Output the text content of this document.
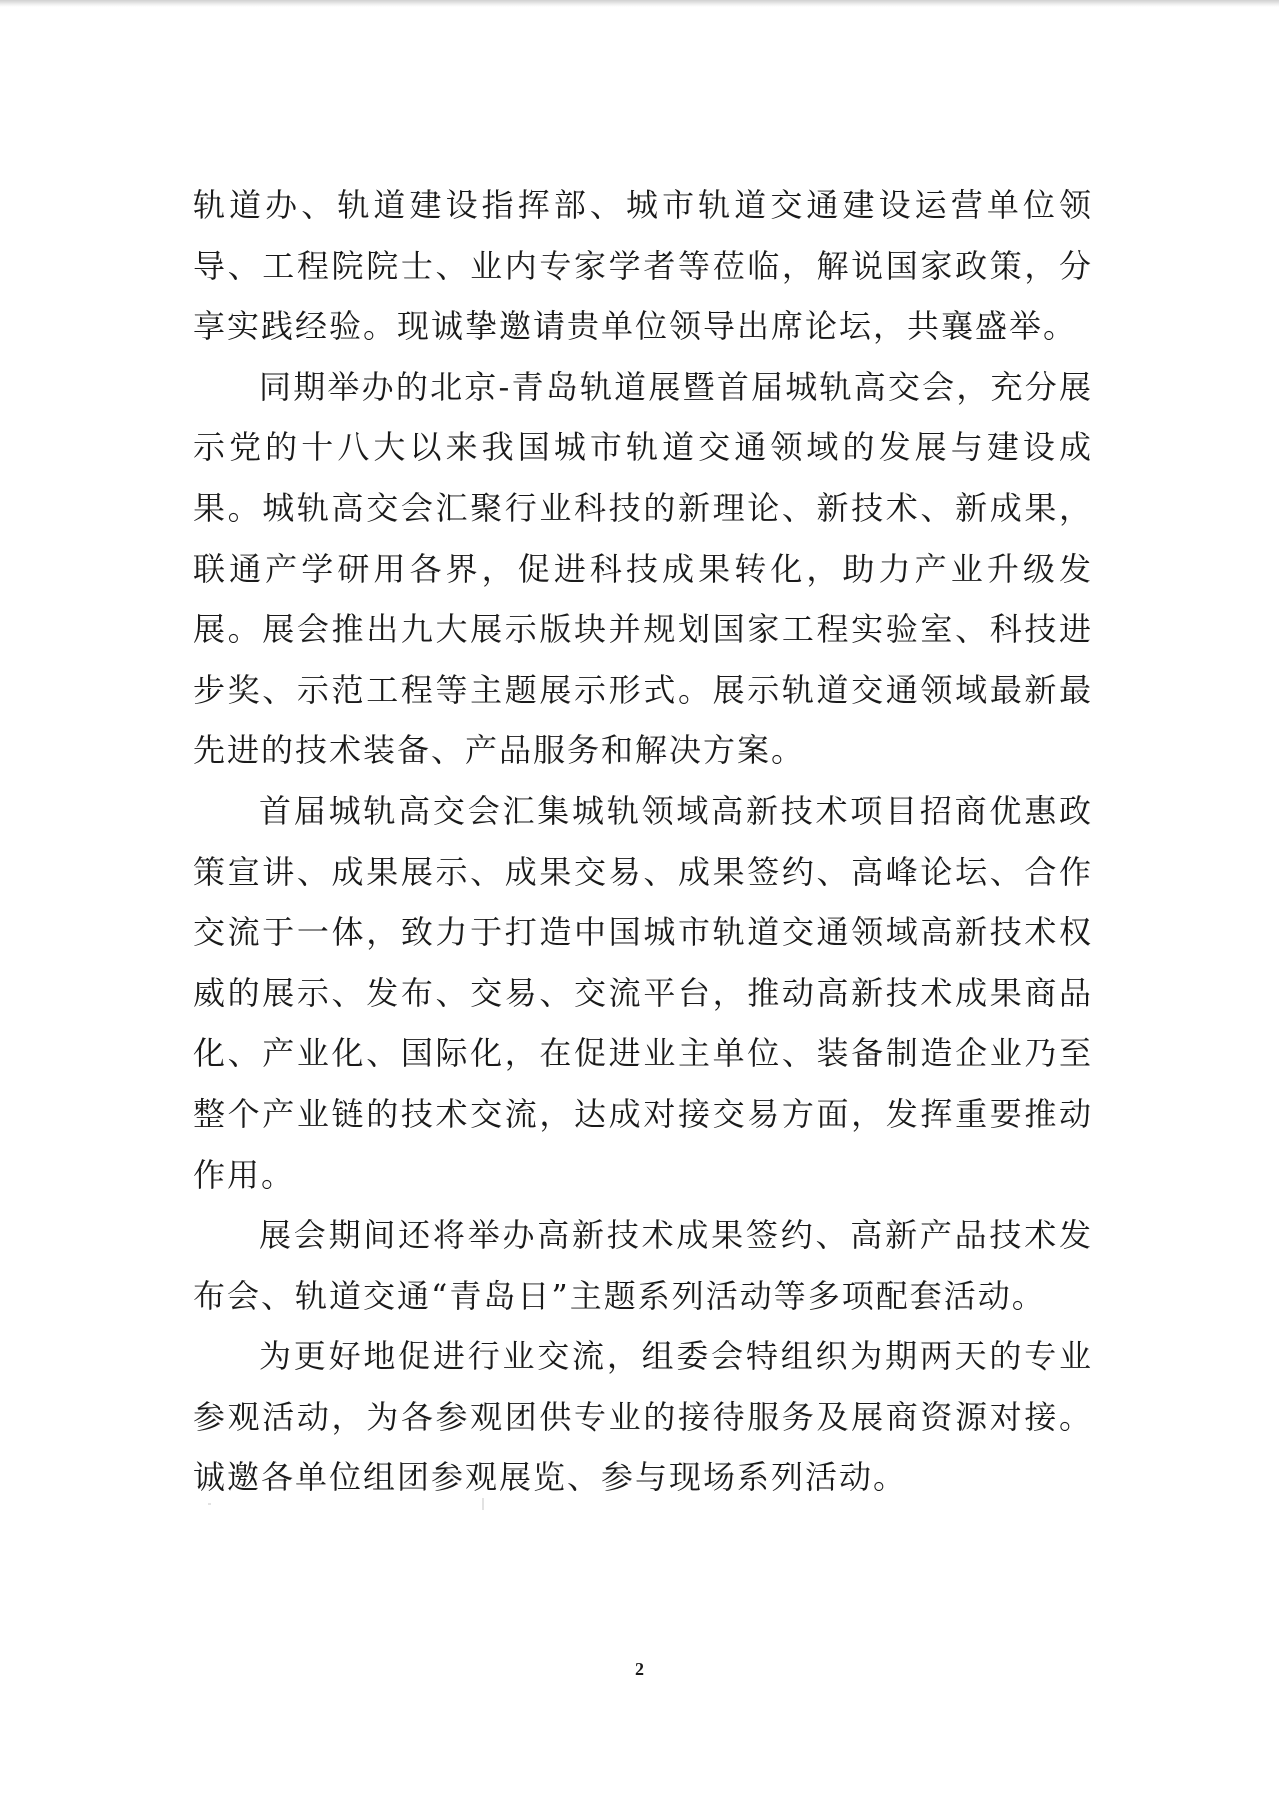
轨道办、轨道建设指挥部、城市轨道交通建设运营单位领导、工程院院士、业内专家学者等莅临，解说国家政策，分享实践经验。现诚挚邀请贵单位领导出席论坛，共襄盛举。

同期举办的北京-青岛轨道展暨首届城轨高交会，充分展示党的十八大以来我国城市轨道交通领域的发展与建设成果。城轨高交会汇聚行业科技的新理论、新技术、新成果，联通产学研用各界，促进科技成果转化，助力产业升级发展。展会推出九大展示版块并规划国家工程实验室、科技进步奖、示范工程等主题展示形式。展示轨道交通领域最新最先进的技术装备、产品服务和解决方案。

首届城轨高交会汇集城轨领域高新技术项目招商优惠政策宣讲、成果展示、成果交易、成果签约、高峰论坛、合作交流于一体，致力于打造中国城市轨道交通领域高新技术权威的展示、发布、交易、交流平台，推动高新技术成果商品化、产业化、国际化，在促进业主单位、装备制造企业乃至整个产业链的技术交流，达成对接交易方面，发挥重要推动作用。

展会期间还将举办高新技术成果签约、高新产品技术发布会、轨道交通“青岛日”主题系列活动等多项配套活动。

为更好地促进行业交流，组委会特组织为期两天的专业参观活动，为各参观团供专业的接待服务及展商资源对接。诚邀各单位组团参观展览、参与现场系列活动。

2
